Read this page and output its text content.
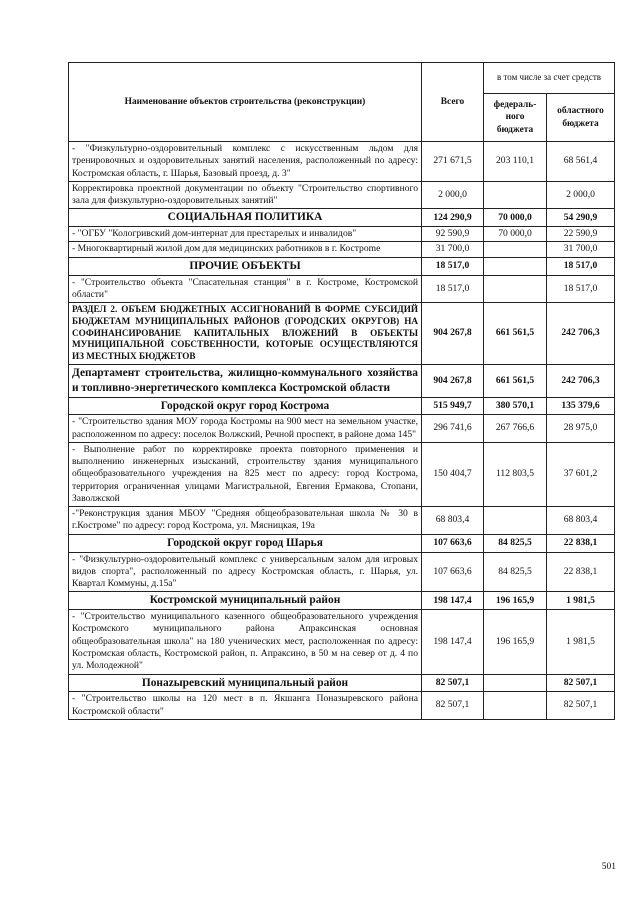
Наименование объектов строительства (реконструкции)	Всего	в том числе за счет средств	
		федераль-ного бюджета	областного бюджета
- "Физкультурно-оздоровительный комплекс с искусственным льдом для тренировочных и оздоровительных занятий населения, расположенный по адресу: Костромская область, г. Шарья, Базовый проезд, д. 3"	271 671,5	203 110,1	68 561,4
Корректировка проектной документации по объекту "Строительство спортивного зала для физкультурно-оздоровительных занятий"	2 000,0		2 000,0
СОЦИАЛЬНАЯ ПОЛИТИКА	124 290,9	70 000,0	54 290,9
- "ОГБУ "Кологривский дом-интернат для престарелых и инвалидов"	92 590,9	70 000,0	22 590,9
- Многоквартирный жилой дом для медицинских работников в г. Кострome	31 700,0		31 700,0
ПРОЧИЕ ОБЪЕКТЫ	18 517,0		18 517,0
- "Строительство объекта "Спасательная станция" в г. Костроме, Костромской области"	18 517,0		18 517,0
РАЗДЕЛ 2. ОБЪЕМ БЮДЖЕТНЫХ АССИГНОВАНИЙ В ФОРМЕ СУБСИДИЙ БЮДЖЕТАМ МУНИЦИПАЛЬНЫХ РАЙОНОВ (ГОРОДСКИХ ОКРУГОВ) НА СОФИНАНСИРОВАНИЕ КАПИТАЛЬНЫХ ВЛОЖЕНИЙ В ОБЪЕКТЫ МУНИЦИПАЛЬНОЙ СОБСТВЕННОСТИ, КОТОРЫЕ ОСУЩЕСТВЛЯЮТСЯ ИЗ МЕСТНЫХ БЮДЖЕТОВ	904 267,8	661 561,5	242 706,3
Департамент строительства, жилищно-коммунального хозяйства и топливно-энергетического комплекса Костромской области	904 267,8	661 561,5	242 706,3
Городской округ город Кострома	515 949,7	380 570,1	135 379,6
- "Строительство здания МОУ города Костромы на 900 мест на земельном участке, расположенном по адресу: поселок Волжский, Речной проспект, в районе дома 145"	296 741,6	267 766,6	28 975,0
- Выполнение работ по корректировке проекта повторного применения и выполнению инженерных изысканий, строительству здания муниципального общеобразовательного учреждения на 825 мест по адресу: город Кострома, территория ограниченная улицами Магистральной, Евгения Ермакова, Стопани, Заволжской	150 404,7	112 803,5	37 601,2
-"Реконструкция здания МБОУ "Средняя общеобразовательная школа № 30 в г.Костроме" по адресу: город Кострома, ул. Мясницкая, 19а	68 803,4		68 803,4
Городской округ город Шарья	107 663,6	84 825,5	22 838,1
- "Физкультурно-оздоровительный комплекс с универсальным залом для игровых видов спорта", расположенный по адресу Костромская область, г. Шарья, ул. Квартал Коммуны, д.15а"	107 663,6	84 825,5	22 838,1
Костромской муниципальный район	198 147,4	196 165,9	1 981,5
- "Строительство муниципального казенного общеобразовательного учреждения Костромского муниципального района Апраксинская основная общеобразовательная школа" на 180 ученических мест, расположенная по адресу: Костромская область, Костромской район, п. Апраксино, в 50 м на север от д. 4 по ул. Молодежной"	198 147,4	196 165,9	1 981,5
Понazыревский муниципальный район	82 507,1		82 507,1
- "Строительство школы на 120 мест в п. Якшанга Поназыревского района Костромской области"	82 507,1		82 507,1
501
